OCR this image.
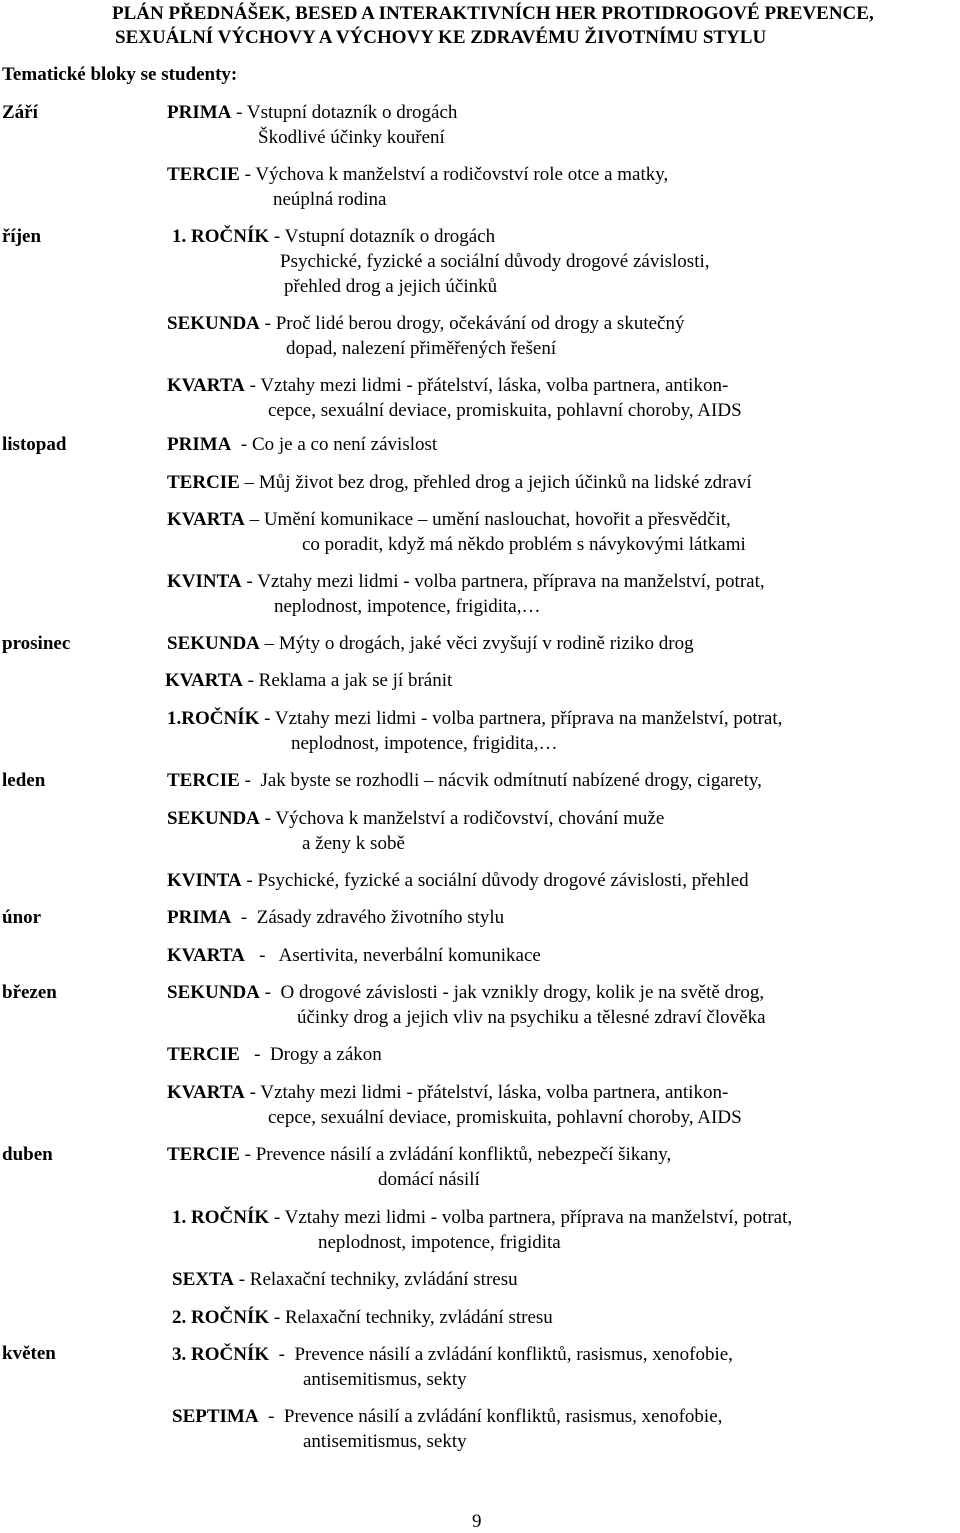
PLÁN PŘEDNÁŠEK, BESED A INTERAKTIVNÍCH HER PROTIDROGOVÉ PREVENCE,
SEXUÁLNÍ VÝCHOVY A VÝCHOVY KE ZDRAVÉMU ŽIVOTNÍMU STYLU
Tematické bloky se studenty:
Září
říjen
listopad
prosinec
leden
únor
březen
duben
květen
PRIMA - Vstupní dotazník o drogách
Škodlivé účinky kouření
TERCIE - Výchova k manželství a rodičovství role otce a matky,
neúplná rodina
1. ROČNÍK - Vstupní dotazník o drogách
Psychické, fyzické a sociální důvody drogové závislosti,
přehled drog a jejich účinků
SEKUNDA - Proč lidé berou drogy, očekávání od drogy a skutečný
dopad, nalezení přiměřených řešení
KVARTA - Vztahy mezi lidmi - přátelství, láska, volba partnera, antikon-
cepce, sexuální deviace, promiskuita, pohlavní choroby, AIDS
PRIMA  - Co je a co není závislost
TERCIE – Můj život bez drog, přehled drog a jejich účinků na lidské zdraví
KVARTA – Umění komunikace – umění naslouchat, hovořit a přesvědčit,
co poradit, když má někdo problém s návykovými látkami
KVINTA - Vztahy mezi lidmi - volba partnera, příprava na manželství, potrat,
neplodnost, impotence, frigidita,…
SEKUNDA – Mýty o drogách, jaké věci zvyšují v rodině riziko drog
KVARTA - Reklama a jak se jí bránit
1.ROČNÍK - Vztahy mezi lidmi - volba partnera, příprava na manželství, potrat,
neplodnost, impotence, frigidita,…
TERCIE -  Jak byste se rozhodli – nácvik odmítnutí nabízené drogy, cigarety,
SEKUNDA - Výchova k manželství a rodičovství, chování muže
a ženy k sobě
KVINTA - Psychické, fyzické a sociální důvody drogové závislosti, přehled
PRIMA  -  Zásady zdravého životního stylu
KVARTA   -   Asertivita, neverbální komunikace
SEKUNDA -  O drogové závislosti - jak vznikly drogy, kolik je na světě drog,
účinky drog a jejich vliv na psychiku a tělesné zdraví člověka
TERCIE   -  Drogy a zákon
KVARTA - Vztahy mezi lidmi - přátelství, láska, volba partnera, antikon-
cepce, sexuální deviace, promiskuita, pohlavní choroby, AIDS
TERCIE - Prevence násilí a zvládání konfliktů, nebezpečí šikany,
domácí násilí
1. ROČNÍK - Vztahy mezi lidmi - volba partnera, příprava na manželství, potrat,
neplodnost, impotence, frigidita
SEXTA - Relaxační techniky, zvládání stresu
2. ROČNÍK - Relaxační techniky, zvládání stresu
3. ROČNÍK  -  Prevence násilí a zvládání konfliktů, rasismus, xenofobie,
antisemitismus, sekty
SEPTIMA  -  Prevence násilí a zvládání konfliktů, rasismus, xenofobie,
antisemitismus, sekty
9
